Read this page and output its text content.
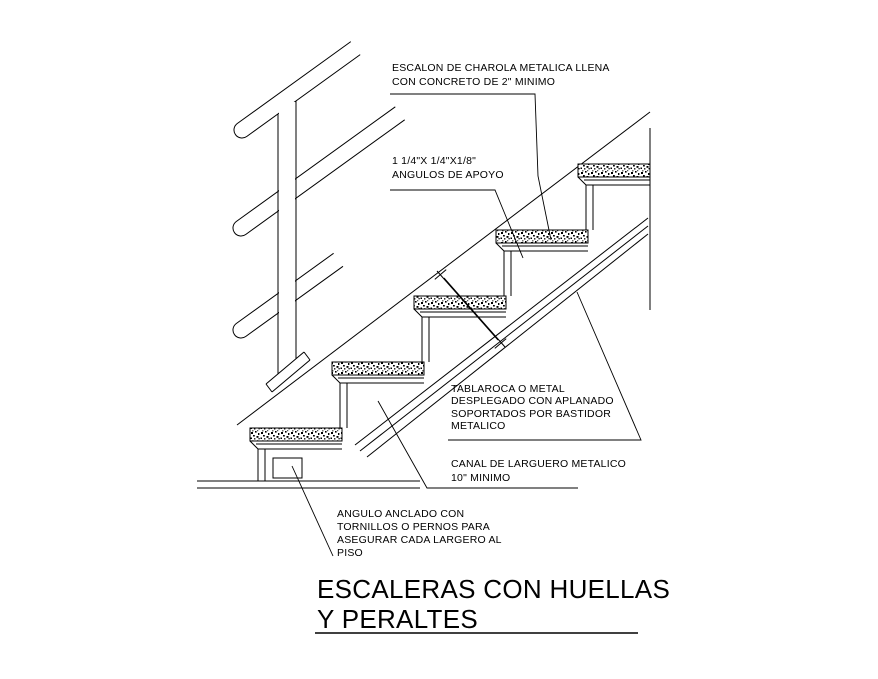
ESCALON DE CHAROLA METALICA LLENA
CON CONCRETO DE 2" MINIMO
1 1/4"X 1/4"X1/8"
ANGULOS DE APOYO
TABLAROCA O METAL
DESPLEGADO CON APLANADO
SOPORTADOS POR BASTIDOR
METALICO
CANAL DE LARGUERO METALICO
10" MINIMO
ANGULO ANCLADO CON
TORNILLOS O PERNOS PARA
ASEGURAR CADA LARGERO AL
PISO
ESCALERAS CON HUELLAS
Y PERALTES
